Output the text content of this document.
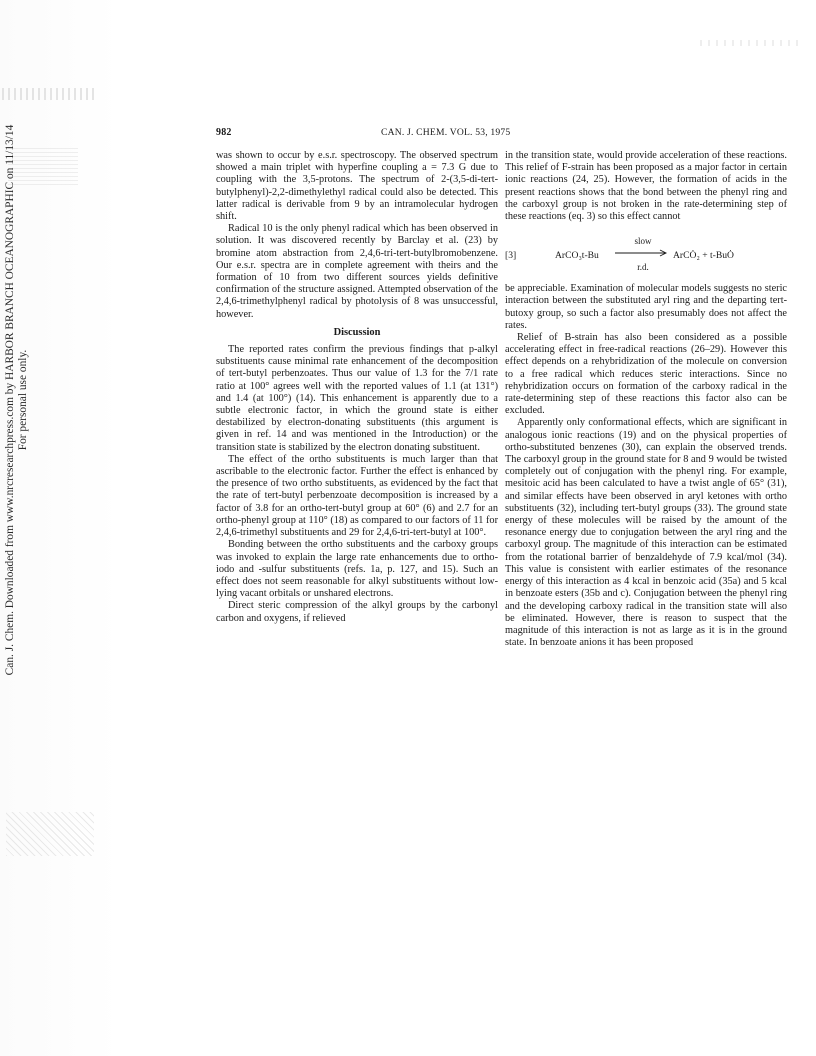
Can. J. Chem. Downloaded from www.nrcresearchpress.com by HARBOR BRANCH OCEANOGRAPHIC on 11/13/14 For personal use only.
982	CAN. J. CHEM. VOL. 53, 1975

was shown to occur by e.s.r. spectroscopy. The observed spectrum showed a main triplet with hyperfine coupling a = 7.3 G due to coupling with the 3,5-protons. The spectrum of 2-(3,5-di-tert-butylphenyl)-2,2-dimethylethyl radical could also be detected. This latter radical is derivable from 9 by an intramolecular hydrogen shift.

Radical 10 is the only phenyl radical which has been observed in solution. It was discovered recently by Barclay et al. (23) by bromine atom abstraction from 2,4,6-tri-tert-butylbromobenzene. Our e.s.r. spectra are in complete agreement with theirs and the formation of 10 from two different sources yields definitive confirmation of the structure assigned. Attempted observation of the 2,4,6-trimethylphenyl radical by photolysis of 8 was unsuccessful, however.

Discussion

The reported rates confirm the previous findings that p-alkyl substituents cause minimal rate enhancement of the decomposition of tert-butyl perbenzoates. Thus our value of 1.3 for the 7/1 rate ratio at 100° agrees well with the reported values of 1.1 (at 131°) and 1.4 (at 100°) (14). This enhancement is apparently due to a subtle electronic factor, in which the ground state is either destabilized by electron-donating substituents (this argument is given in ref. 14 and was mentioned in the Introduction) or the transition state is stabilized by the electron donating substituent.

The effect of the ortho substituents is much larger than that ascribable to the electronic factor. Further the effect is enhanced by the presence of two ortho substituents, as evidenced by the fact that the rate of tert-butyl perbenzoate decomposition is increased by a factor of 3.8 for an ortho-tert-butyl group at 60° (6) and 2.7 for an ortho-phenyl group at 110° (18) as compared to our factors of 11 for 2,4,6-trimethyl substituents and 29 for 2,4,6-tri-tert-butyl at 100°.

Bonding between the ortho substituents and the carboxy groups was invoked to explain the large rate enhancements due to ortho-iodo and -sulfur substituents (refs. 1a, p. 127, and 15). Such an effect does not seem reasonable for alkyl substituents without low-lying vacant orbitals or unshared electrons.

Direct steric compression of the alkyl groups by the carbonyl carbon and oxygens, if relieved

in the transition state, would provide acceleration of these reactions. This relief of F-strain has been proposed as a major factor in certain ionic reactions (24, 25). However, the formation of acids in the present reactions shows that the bond between the phenyl ring and the carboxyl group is not broken in the rate-determining step of these reactions (eq. 3) so this effect cannot

[3]	ArCO₃t-Bu
slow
r.d.
ArCȮ₂ + t-BuȮ

be appreciable. Examination of molecular models suggests no steric interaction between the substituted aryl ring and the departing tert-butoxy group, so such a factor also presumably does not affect the rates.

Relief of B-strain has also been considered as a possible accelerating effect in free-radical reactions (26–29). However this effect depends on a rehybridization of the molecule on conversion to a free radical which reduces steric interactions. Since no rehybridization occurs on formation of the carboxy radical in the rate-determining step of these reactions this factor also can be excluded.

Apparently only conformational effects, which are significant in analogous ionic reactions (19) and on the physical properties of ortho-substituted benzenes (30), can explain the observed trends. The carboxyl group in the ground state for 8 and 9 would be twisted completely out of conjugation with the phenyl ring. For example, mesitoic acid has been calculated to have a twist angle of 65° (31), and similar effects have been observed in aryl ketones with ortho substituents (32), including tert-butyl groups (33). The ground state energy of these molecules will be raised by the amount of the resonance energy due to conjugation between the aryl ring and the carboxyl group. The magnitude of this interaction can be estimated from the rotational barrier of benzaldehyde of 7.9 kcal/mol (34). This value is consistent with earlier estimates of the resonance energy of this interaction as 4 kcal in benzoic acid (35a) and 5 kcal in benzoate esters (35b and c). Conjugation between the phenyl ring and the developing carboxy radical in the transition state will also be eliminated. However, there is reason to suspect that the magnitude of this interaction is not as large as it is in the ground state. In benzoate anions it has been proposed
